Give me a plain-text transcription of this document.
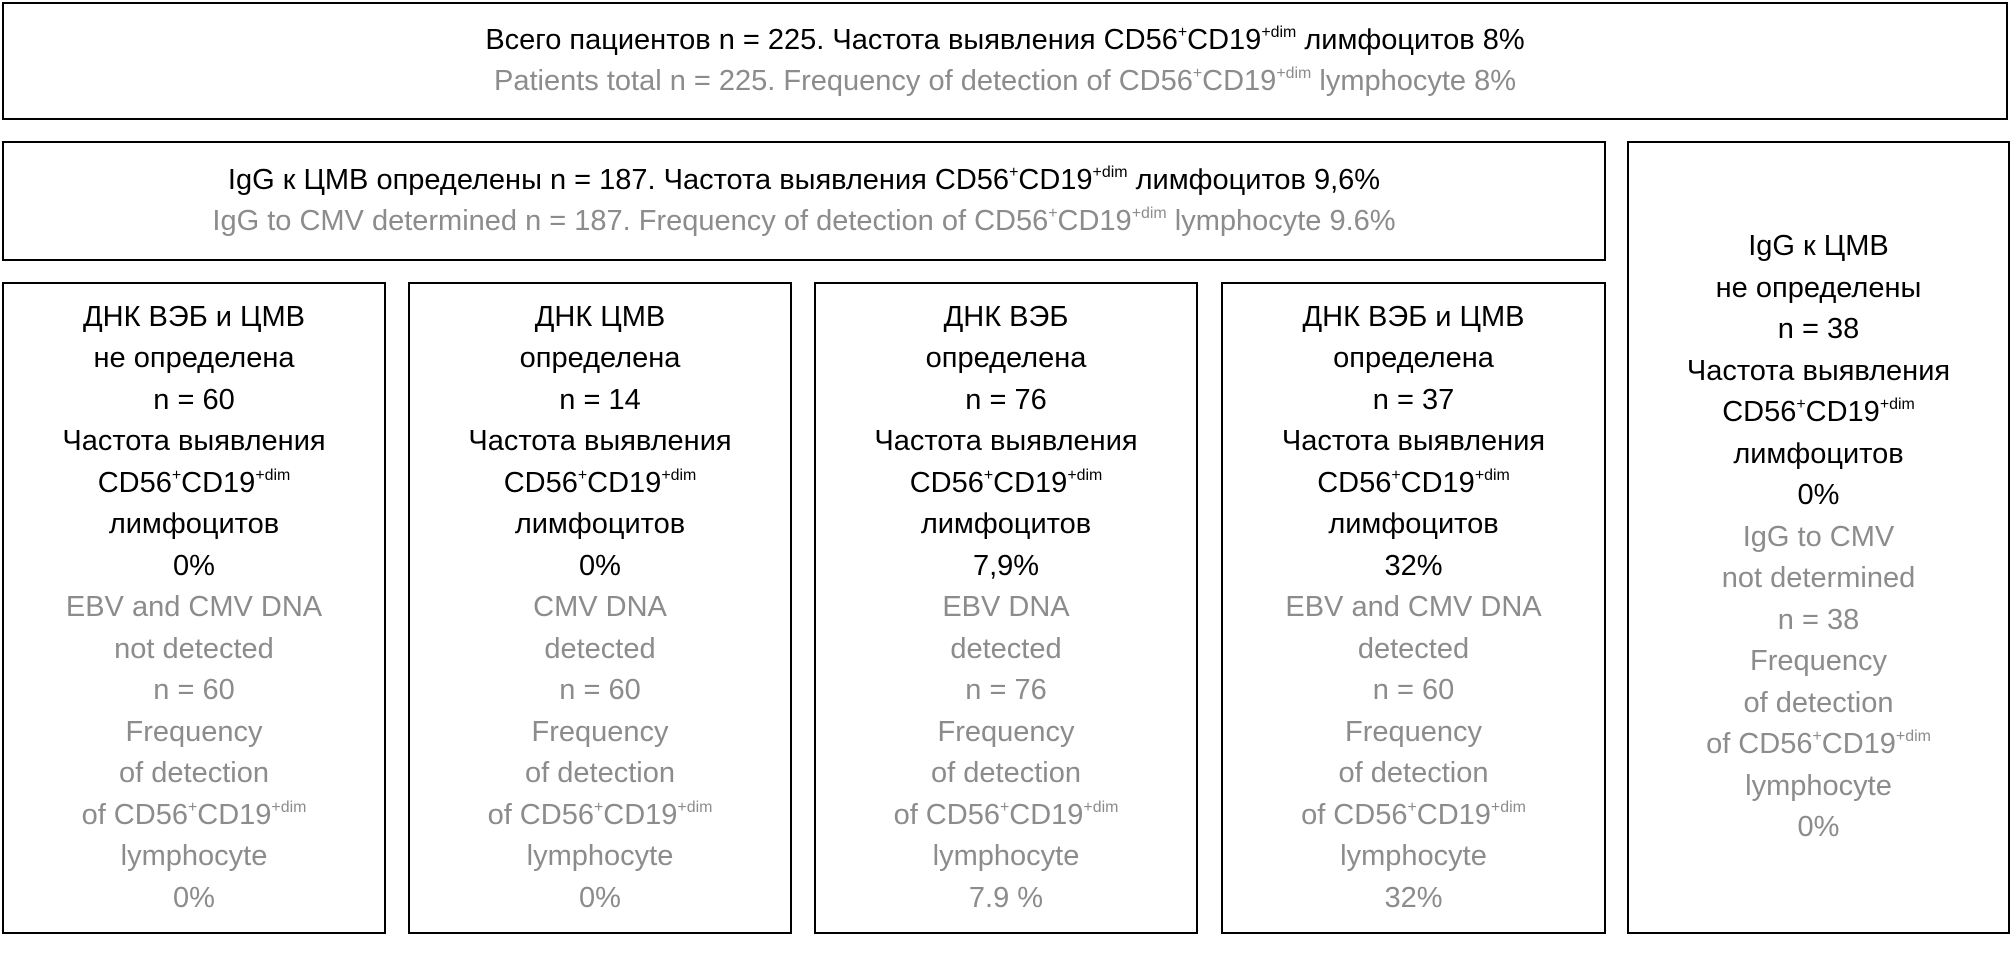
Всего пациентов n = 225. Частота выявления $CD56^+CD19^{+dim}$ лимфоцитов 8%
Patients total n = 225. Frequency of detection of $CD56^+CD19^{+dim}$ lymphocyte 8%
IgG к ЦМВ определены n = 187. Частота выявления $CD56^+CD19^{+dim}$ лимфоцитов 9,6%
IgG to CMV determined n = 187. Frequency of detection of $CD56^+CD19^{+dim}$ lymphocyte 9.6%
IgG к ЦМВ
не определены
n = 38
Частота выявления
$CD56^+CD19^{+dim}$
лимфоцитов
0%
IgG to CMV
not determined
n = 38
Frequency
of detection
of $CD56^+CD19^{+dim}$
lymphocyte
0%
ДНК ВЭБ и ЦМВ
не определена
n = 60
Частота выявления
$CD56^+CD19^{+dim}$
лимфоцитов
0%
EBV and CMV DNA
not detected
n = 60
Frequency
of detection
of $CD56^+CD19^{+dim}$
lymphocyte
0%
ДНК ЦМВ
определена
n = 14
Частота выявления
$CD56^+CD19^{+dim}$
лимфоцитов
0%
CMV DNA
detected
n = 60
Frequency
of detection
of $CD56^+CD19^{+dim}$
lymphocyte
0%
ДНК ВЭБ
определена
n = 76
Частота выявления
$CD56^+CD19^{+dim}$
лимфоцитов
7,9%
EBV DNA
detected
n = 76
Frequency
of detection
of $CD56^+CD19^{+dim}$
lymphocyte
7.9 %
ДНК ВЭБ и ЦМВ
определена
n = 37
Частота выявления
$CD56^+CD19^{+dim}$
лимфоцитов
32%
EBV and CMV DNA
detected
n = 60
Frequency
of detection
of $CD56^+CD19^{+dim}$
lymphocyte
32%
